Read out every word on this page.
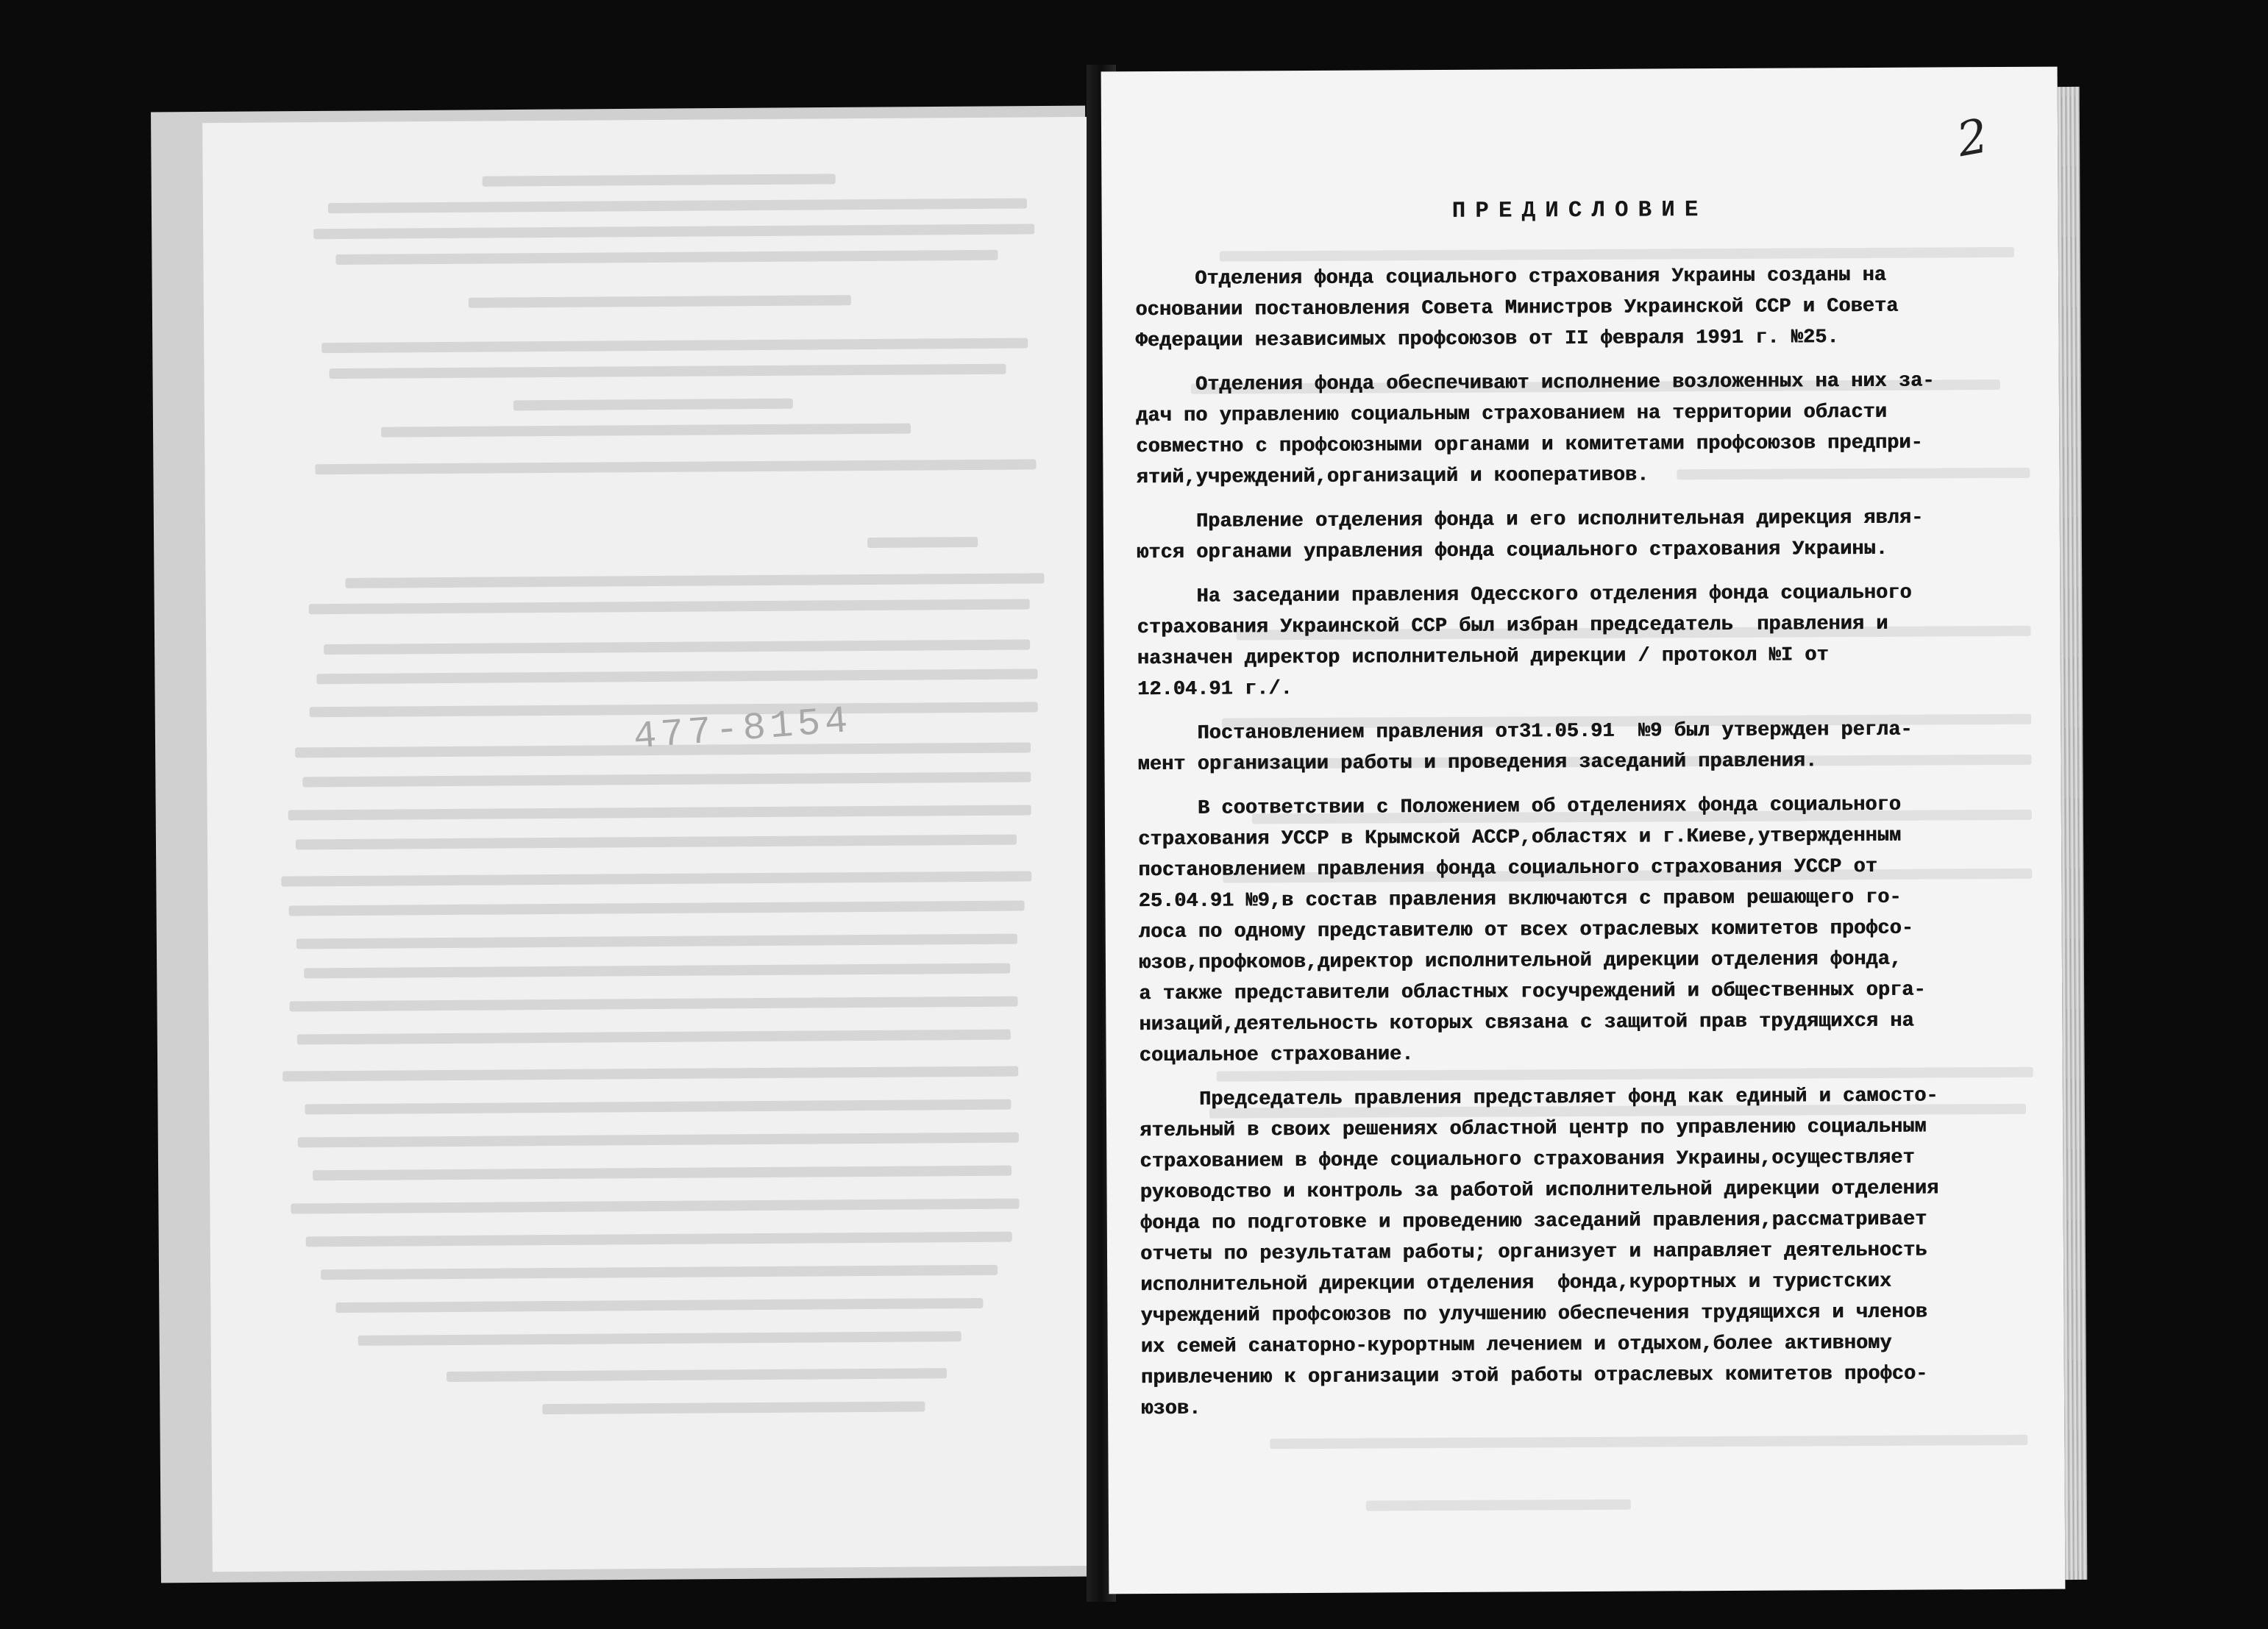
477-8154
2
ПРЕДИСЛОВИЕ
Отделения фонда социального страхования Украины созданы на
основании постановления Совета Министров Украинской ССР и Совета
Федерации независимых профсоюзов от II февраля 1991 г. №25.
Отделения фонда обеспечивают исполнение возложенных на них за-
дач по управлению социальным страхованием на территории области
совместно с профсоюзными органами и комитетами профсоюзов предпри-
ятий,учреждений,организаций и кооперативов.
Правление отделения фонда и его исполнительная дирекция явля-
ются органами управления фонда социального страхования Украины.
На заседании правления Одесского отделения фонда социального
страхования Украинской ССР был избран председатель  правления и
назначен директор исполнительной дирекции / протокол №I от
12.04.91 г./.
Постановлением правления от31.05.91  №9 был утвержден регла-
мент организации работы и проведения заседаний правления.
В соответствии с Положением об отделениях фонда социального
страхования УССР в Крымской АССР,областях и г.Киеве,утвержденным
постановлением правления фонда социального страхования УССР от
25.04.91 №9,в состав правления включаются с правом решающего го-
лоса по одному представителю от всех отраслевых комитетов профсо-
юзов,профкомов,директор исполнительной дирекции отделения фонда,
а также представители областных госучреждений и общественных орга-
низаций,деятельность которых связана с защитой прав трудящихся на
социальное страхование.
Председатель правления представляет фонд как единый и самосто-
ятельный в своих решениях областной центр по управлению социальным
страхованием в фонде социального страхования Украины,осуществляет
руководство и контроль за работой исполнительной дирекции отделения
фонда по подготовке и проведению заседаний правления,рассматривает
отчеты по результатам работы; организует и направляет деятельность
исполнительной дирекции отделения  фонда,курортных и туристских
учреждений профсоюзов по улучшению обеспечения трудящихся и членов
их семей санаторно-курортным лечением и отдыхом,более активному
привлечению к организации этой работы отраслевых комитетов профсо-
юзов.
